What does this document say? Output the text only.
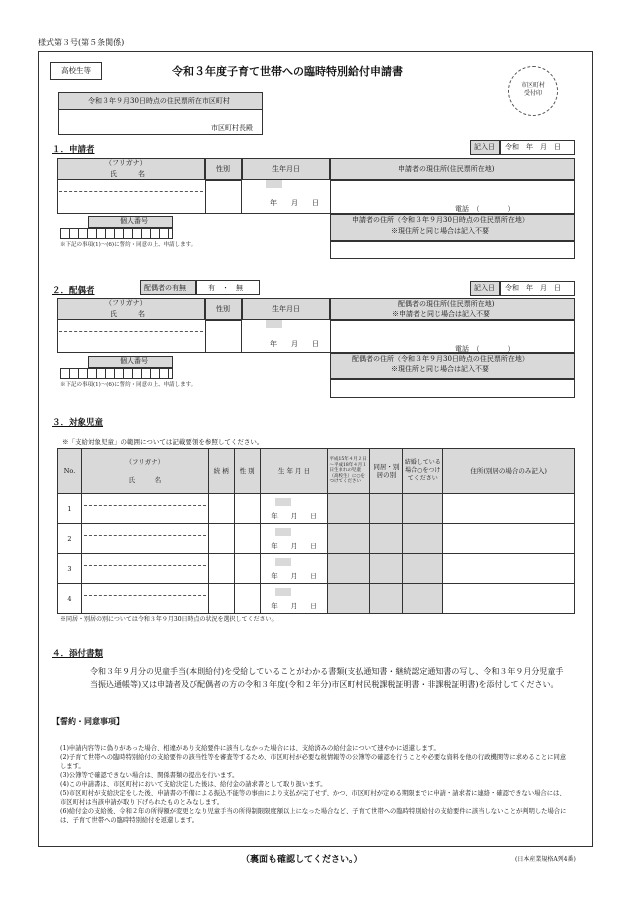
様式第３号(第５条関係)
高校生等	令和３年度子育て世帯への臨時特別給付申請書
市区町村
受付印
令和３年９月30日時点の住民票所在市区町村
市区町村長殿
１．申請者	記入日 令和　年　月　日
（フリガナ）
氏　　　名
性別	生年月日	申請者の現住所(住民票所在地)
年　　月　　日
電話　（　　　　）
個人番号
※下記の事項(1)～(6)に誓約・同意の上、申請します。
申請者の住所（令和３年９月30日時点の住民票所在地）
※現住所と同じ場合は記入不要
２．配偶者	配偶者の有無	有　・　無	記入日 令和　年　月　日
（フリガナ）
氏　　　名
性別	生年月日
配偶者の現住所(住民票所在地)
※申請者と同じ場合は記入不要
年　　月　　日
電話　（　　　　）
個人番号
※下記の事項(1)～(6)に誓約・同意の上、申請します。
配偶者の住所（令和３年９月30日時点の住民票所在地）
※現住所と同じ場合は記入不要
３．対象児童
※「支給対象児童」の範囲については記載要領を参照してください。
No.	（フリガナ）
氏　　　名	続 柄	性 別	生 年 月 日	平成15年４月２日～平成18年４月１日生まれの児童（高校生）に○をつけてください	同居・別居の別	結婚している場合○をつけてください	住所(別居の場合のみ記入)
1				年　　月　　日				

2				年　　月　　日				

3				年　　月　　日				

4				年　　月　　日				

※同居・別居の別については令和３年９月30日時点の状況を選択してください。
４．添付書類
令和３年９月分の児童手当(本則給付)を受給していることがわかる書類(支払通知書・継続認定通知書の写し、令和３年９月分児童手当振込通帳等)又は申請者及び配偶者の方の令和３年度(令和２年分)市区町村民税課税証明書・非課税証明書)を添付してください。
【誓約・同意事項】
(1)申請内容等に偽りがあった場合、相違があり支給要件に該当しなかった場合には、支給済みの給付金について速やかに返還します。
(2)子育て世帯への臨時特別給付の支給要件の該当性等を審査等するため、市区町村が必要な税情報等の公簿等の確認を行うことや必要な資料を他の行政機関等に求めることに同意します。
(3)公簿等で確認できない場合は、関係書類の提出を行います。
(4)この申請書は、市区町村において支給決定した後は、給付金の請求書として取り扱います。
(5)市区町村が支給決定をした後、申請書の不備による振込不能等の事由により支払が完了せず、かつ、市区町村が定める期限までに申請・請求者に連絡・確認できない場合には、市区町村は当該申請が取り下げられたものとみなします。
(6)給付金の支給後、令和２年の所得額が変更となり児童手当の所得制限限度額以上になった場合など、子育て世帯への臨時特別給付の支給要件に該当しないことが判明した場合には、子育て世帯への臨時特別給付を返還します。
（裏面も確認してください。）	(日本産業規格A列4番)
